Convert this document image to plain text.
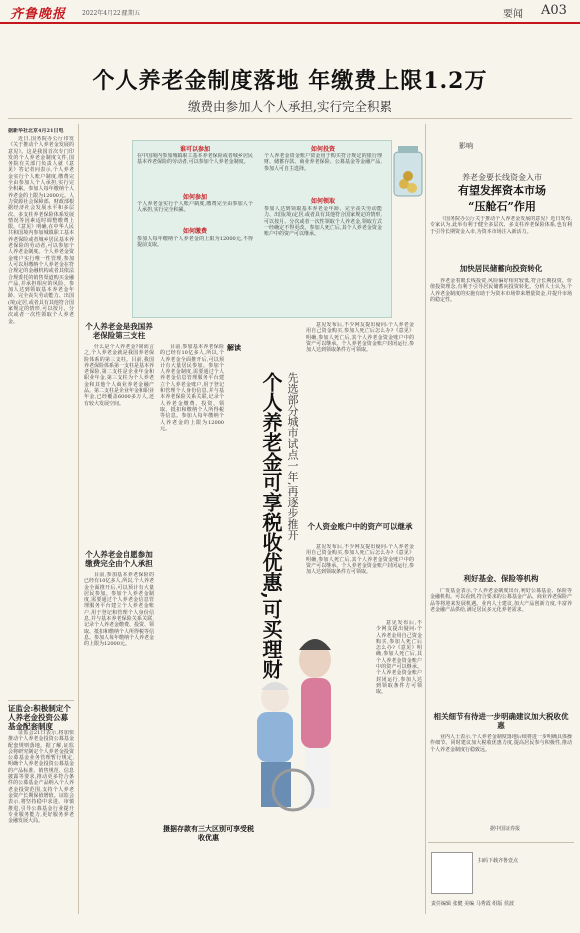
齐鲁晚报	2022年4月22日
星期五	要闻 A03
个人养老金制度落地 年缴费上限1.2万
缴费由参加人个人承担,实行完全积累
据新华社北京4月21日电
近日,国务院办公厅印发《关于推动个人养老金发展的意见》。这是我国首次专门印发的个人养老金制度文件,国务院有关部门负责人就《意见》答记者问表示,个人养老金实行个人账户制度,缴费完全由参加人个人承担,实行完全积累。参加人每年缴纳个人养老金的上限为12000元。人力资源社会保障部、财政部根据经济社会发展水平和多层次、多支柱养老保险体系发展情况等因素适时调整缴费上限。《意见》明确,在中华人民共和国境内参加城镇职工基本养老保险或者城乡居民基本养老保险的劳动者,可以参加个人养老金制度。个人养老金资金账户实行唯一性管理,参加人可以用缴纳个人养老金在符合规定的金融机构或者其依法合规委托的销售渠道购买金融产品,并承担相应的风险。参加人达到领取基本养老金年龄、完全丧失劳动能力、出国(境)定居,或者具有其他符合国家规定的情形,可以按月、分次或者一次性领取个人养老金。
谁可以参加
在中国境内参加城镇职工基本养老保险或者城乡居民基本养老保险的劳动者,可以参加个人养老金制度。
如何参加
个人养老金实行个人账户制度,缴费完全由参加人个人承担,实行完全积累。
如何缴费
参加人每年缴纳个人养老金的上限为12000元,不得提前支取。
如何投资
个人养老金资金账户资金用于购买符合规定的银行理财、储蓄存款、商业养老保险、公募基金等金融产品,参加人可自主选择。
如何领取
参加人达到领取基本养老金年龄、完全丧失劳动能力、出国(境)定居,或者具有其他符合国家规定的情形,可以按月、分次或者一次性领取个人养老金,领取方式一经确定不得更改。参加人死亡后,其个人养老金资金账户中的资产可以继承。
证监会:积极制定个人养老金投资公募基金配套制度
证监会21日表示,将加快推动个人养老金投资公募基金配套规则落地。据了解,证监会将研究制定个人养老金投资公募基金业务管理暂行规定,明确个人养老金投资公募基金的产品标准、销售规范、信息披露等要求,推动更多符合条件的公募基金产品纳入个人养老金投资范围,支持个人养老金资产长期保值增值。证监会表示,将坚持稳中求进、审慎推进,引导公募基金行业提升专业服务能力,更好服务养老金融发展大局。
个人养老金是我国养老保险第三支柱
什么是个人养老金?简而言之,个人养老金就是我国养老保险体系的第三支柱。目前,我国养老保险体系第一支柱是基本养老保险,第二支柱是企业年金和职业年金,第三支柱为个人养老金和其他个人商业养老金融产品。第二支柱是企业年金和职业年金,已经覆盖6000多万人,还有较大发展空间。
个人养老金自愿参加缴费完全由个人承担
目前,参加基本养老保险的已经有10亿多人,所以,个人养老金全面推开后,可以预计有大量居民参加。参加个人养老金制度,需要通过个人养老金信息管理服务平台建立个人养老金账户,用于登记和管理个人身份信息,并与基本养老保险关系关联,记录个人养老金缴费、投资、领取、抵扣和缴纳个人所得税等信息。参加人每年缴纳个人养老金的上限为12000元。
目前,参加基本养老保险的已经有10亿多人,所以,个人养老金全面推开后,可以预计有大量居民参加。参加个人养老金制度,需要通过个人养老金信息管理服务平台建立个人养老金账户,用于登记和管理个人身份信息,并与基本养老保险关系关联,记录个人养老金缴费、投资、领取、抵扣和缴纳个人所得税等信息。参加人每年缴纳个人养老金的上限为12000元。
解读
个人养老金可享税收优惠,可买理财 先选部分城市试点一年,再逐步推开
意见发布后,不少网友提出疑问:个人养老金用自己资金购买,参加人死亡后怎么办?《意见》明确,参加人死亡后,其个人养老金资金账户中的资产可以继承。个人养老金资金账户封闭运行,参加人达到领取条件方可领取。
个人资金账户中的资产可以继承
意见发布后,不少网友提出疑问:个人养老金用自己资金购买,参加人死亡后怎么办?《意见》明确,参加人死亡后,其个人养老金资金账户中的资产可以继承。个人养老金资金账户封闭运行,参加人达到领取条件方可领取。
意见发布后,不少网友提出疑问:个人养老金用自己资金购买,参加人死亡后怎么办?《意见》明确,参加人死亡后,其个人养老金资金账户中的资产可以继承。个人养老金资金账户封闭运行,参加人达到领取条件方可领取。
摄据存款有三大区别可享受税收优惠
影响
养老金要长线资金入市
有望发挥资本市场
“压舱石”作用
《国务院办公厅关于推动个人养老金发展的意见》近日发布,专家认为,此举有利于健全多层次、多支柱养老保险体系,也有利于引导长期资金入市,为资本市场注入新活力。
加快居民储蓄向投资转化
养老金着眼长线投资,风险偏好相对较低,符合长期投资、价值投资理念,有利于引导居民储蓄向投资转化。分析人士认为,个人养老金制度的实施有助于为资本市场带来增量资金,并提升市场的稳定性。
利好基金、保险等机构
广发基金表示,个人养老金制度出台,利好公募基金、保险等金融机构。可以看到,符合要求的公募基金产品、商业养老保险产品等将迎来发展机遇。业内人士建议,加大产品创新力度,丰富养老金融产品供给,满足居民多元化养老需求。
相关细节有待进一步明确建议加大税收优惠
业内人士表示,个人养老金制度落地后续将进一步明确具体操作细节。同时建议加大税收优惠力度,提高居民参与积极性,推动个人养老金制度行稳致远。
据中国证券报
扫码下载齐鲁壹点
责任编辑 张健 美编 马秀霞 组版 侯波
